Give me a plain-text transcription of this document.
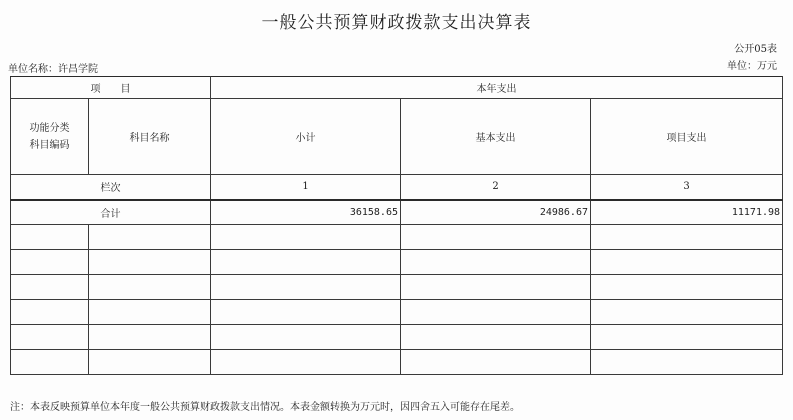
一般公共预算财政拨款支出决算表
公开05表
单位名称：许昌学院	单位：万元
项　　目		本年支出		
功能分类
科目编码	科目名称	小计	基本支出	项目支出
栏次		1	2	3
合计		36158.65	24986.67	11171.98

注：本表反映预算单位本年度一般公共预算财政拨款支出情况。本表金额转换为万元时，因四舍五入可能存在尾差。
